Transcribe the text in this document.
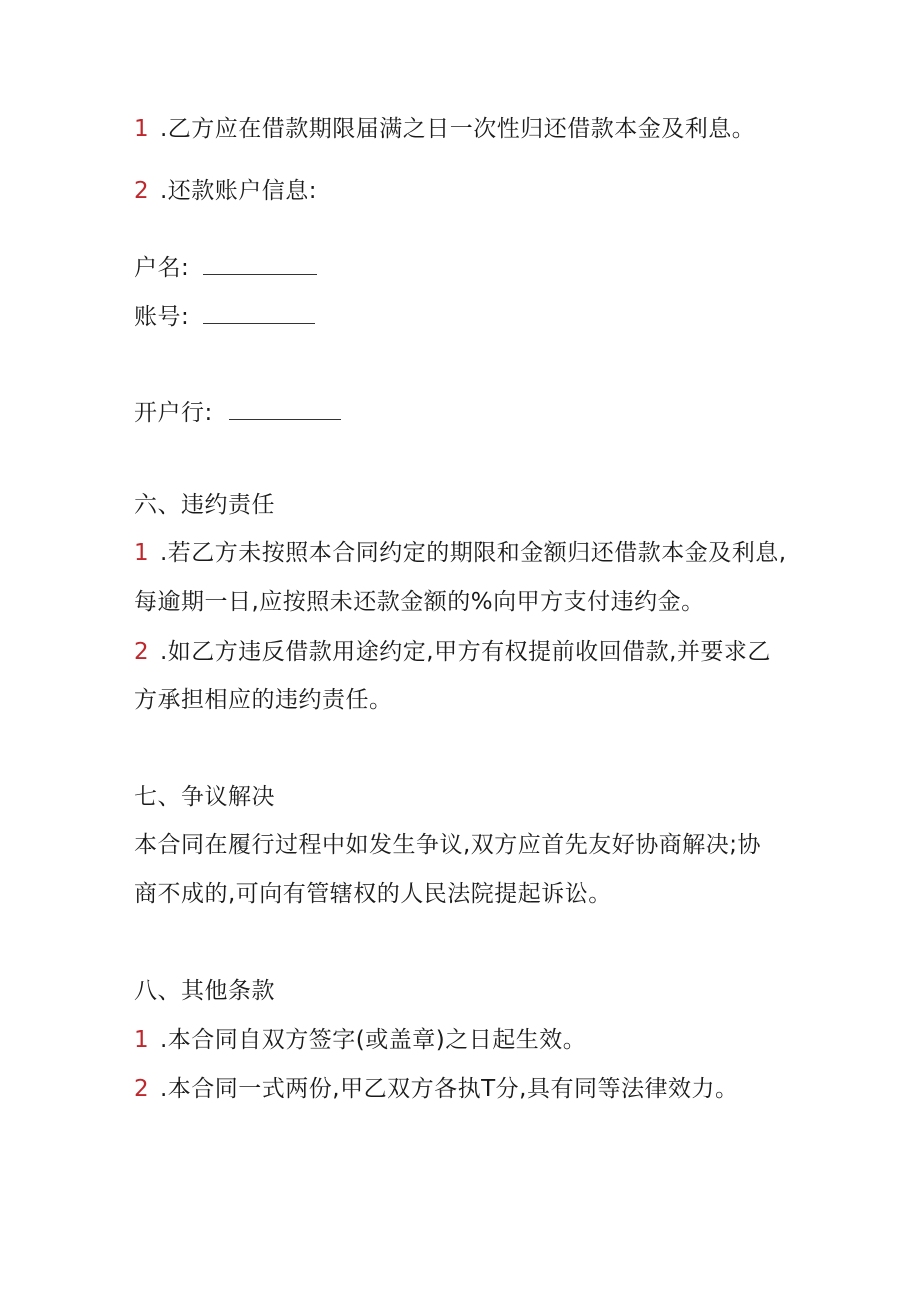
1 .乙方应在借款期限届满之日一次性归还借款本金及利息。
2 .还款账户信息:
户名:
账号:
开户行:
六、违约责任
1 .若乙方未按照本合同约定的期限和金额归还借款本金及利息,
每逾期一日,应按照未还款金额的%向甲方支付违约金。
2 .如乙方违反借款用途约定,甲方有权提前收回借款,并要求乙
方承担相应的违约责任。
七、争议解决
本合同在履行过程中如发生争议,双方应首先友好协商解决;协
商不成的,可向有管辖权的人民法院提起诉讼。
八、其他条款
1 .本合同自双方签字(或盖章)之日起生效。
2 .本合同一式两份,甲乙双方各执T分,具有同等法律效力。
